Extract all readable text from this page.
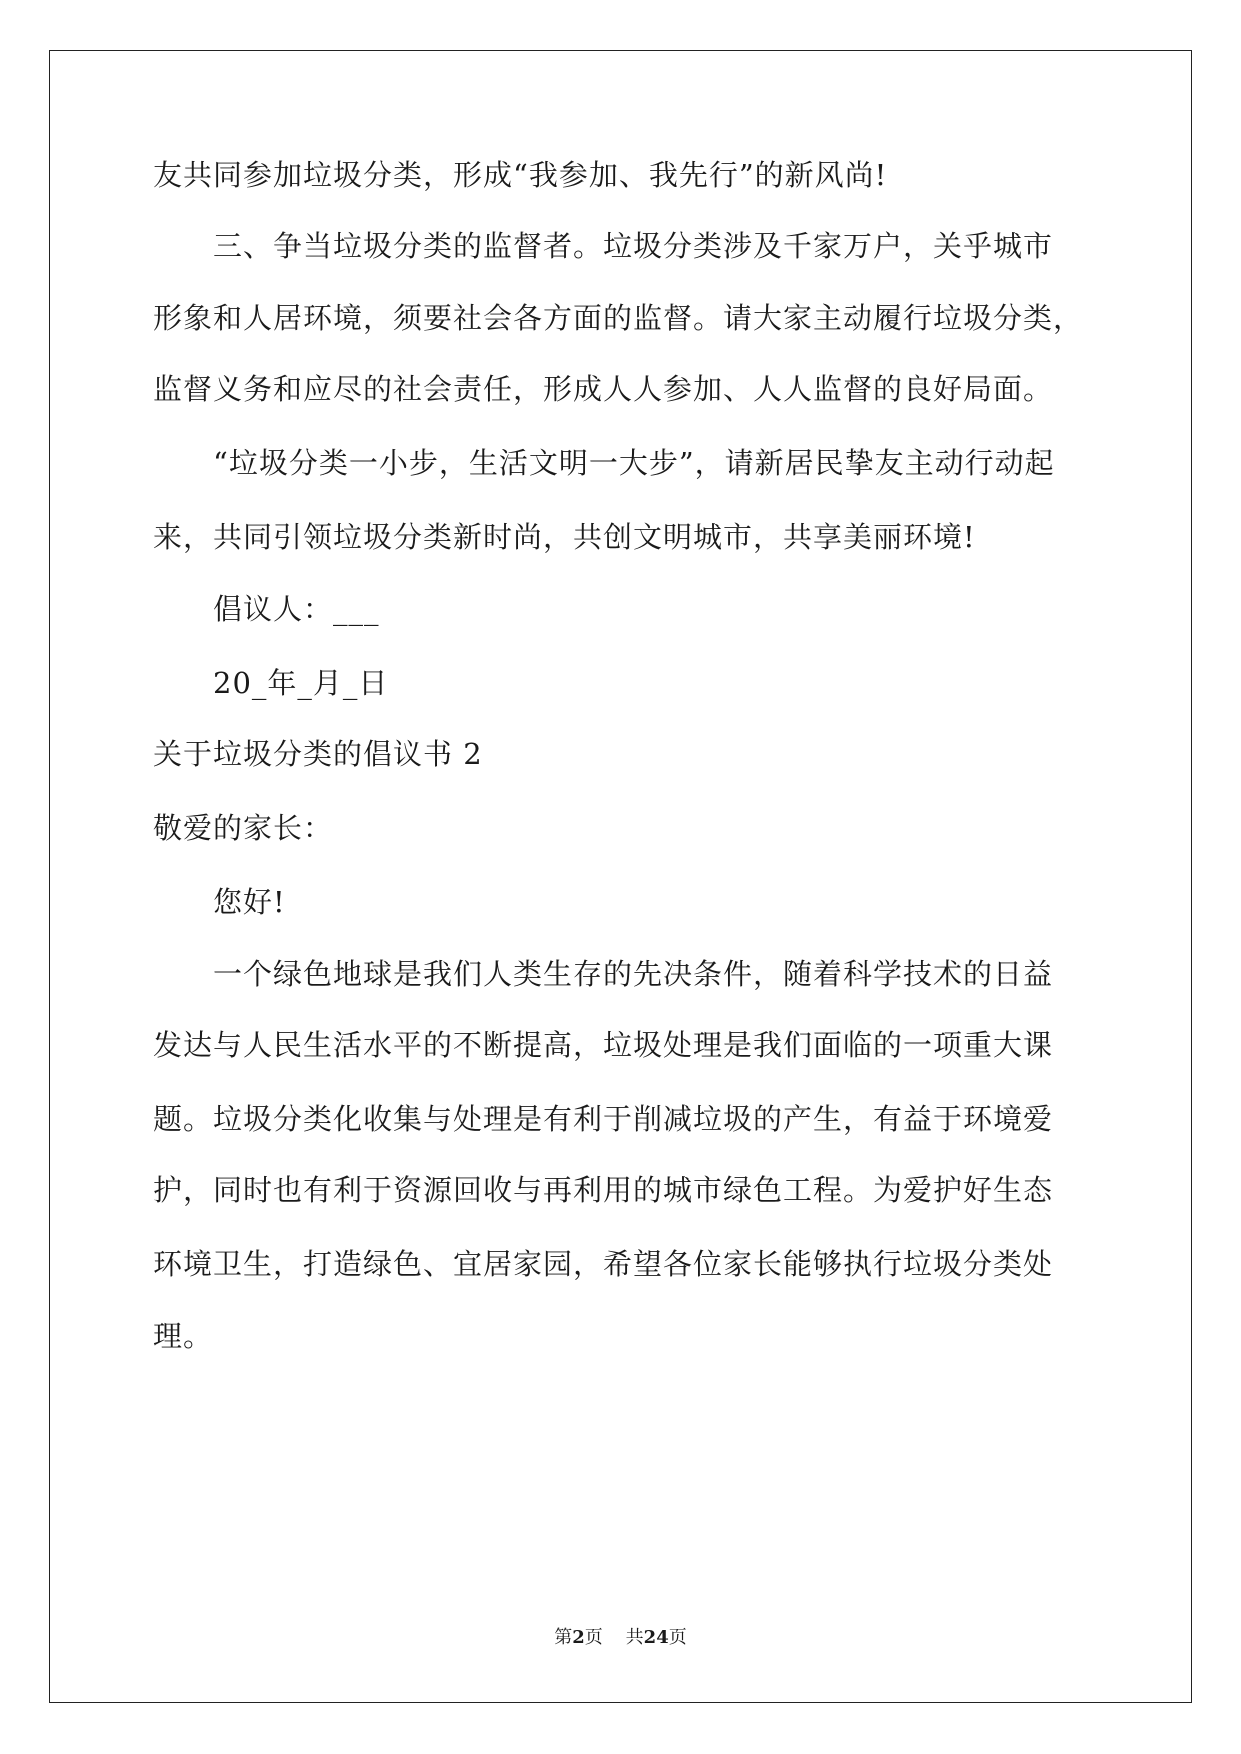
友共同参加垃圾分类，形成“我参加、我先行”的新风尚!
三、争当垃圾分类的监督者。垃圾分类涉及千家万户，关乎城市
形象和人居环境，须要社会各方面的监督。请大家主动履行垃圾分类，
监督义务和应尽的社会责任，形成人人参加、人人监督的良好局面。
“垃圾分类一小步，生活文明一大步”，请新居民挚友主动行动起
来，共同引领垃圾分类新时尚，共创文明城市，共享美丽环境!
倡议人：___
20_年_月_日
关于垃圾分类的倡议书 2
敬爱的家长：
您好!
一个绿色地球是我们人类生存的先决条件，随着科学技术的日益
发达与人民生活水平的不断提高，垃圾处理是我们面临的一项重大课
题。垃圾分类化收集与处理是有利于削减垃圾的产生，有益于环境爱
护，同时也有利于资源回收与再利用的城市绿色工程。为爱护好生态
环境卫生，打造绿色、宜居家园，希望各位家长能够执行垃圾分类处
理。
第2页 共24页
